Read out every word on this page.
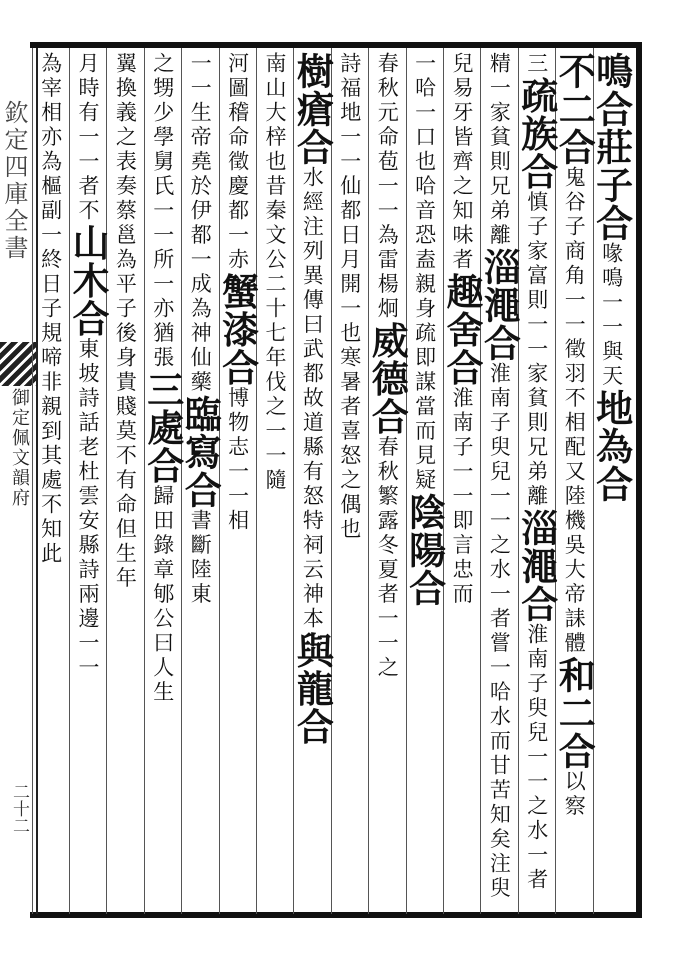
欽定四庫全書
御定佩文韻府
二十二
鳴合莊子合喙鳴一一與天地為合
不二合鬼谷子商角一一徵羽不相配又陸機吳大帝誄體和二合以察
三疏族合慎子家富則一一家貧則兄弟離淄澠合淮南子臾兒一一之水一者
精一家貧則兄弟離淄澠合淮南子臾兒一一之水一者嘗一哈水而甘苦知矣注臾
兒易牙皆齊之知味者趣舍合淮南子一一即言忠而
一哈一口也哈音恐盍親身疏即謀當而見疑陰陽合
春秋元命苞一一為雷楊炯威德合春秋繁露冬夏者一一之
詩福地一一仙都日月開一也寒暑者喜怒之偶也
樹瘡合水經注列異傳曰武都故道縣有怒特祠云神本與龍合
南山大梓也昔秦文公二十七年伐之一一隨
河圖稽命徵慶都一赤蟹漆合博物志一一相
一一生帝堯於伊都一成為神仙藥臨寫合書斷陸東
之甥少學舅氏一一所一亦猶張三處合歸田錄章郇公曰人生
翼換義之表奏蔡邕為平子後身貴賤莫不有命但生年
月時有一一者不山木合東坡詩話老杜雲安縣詩兩邊一一
為宰相亦為樞副一終日子規啼非親到其處不知此
